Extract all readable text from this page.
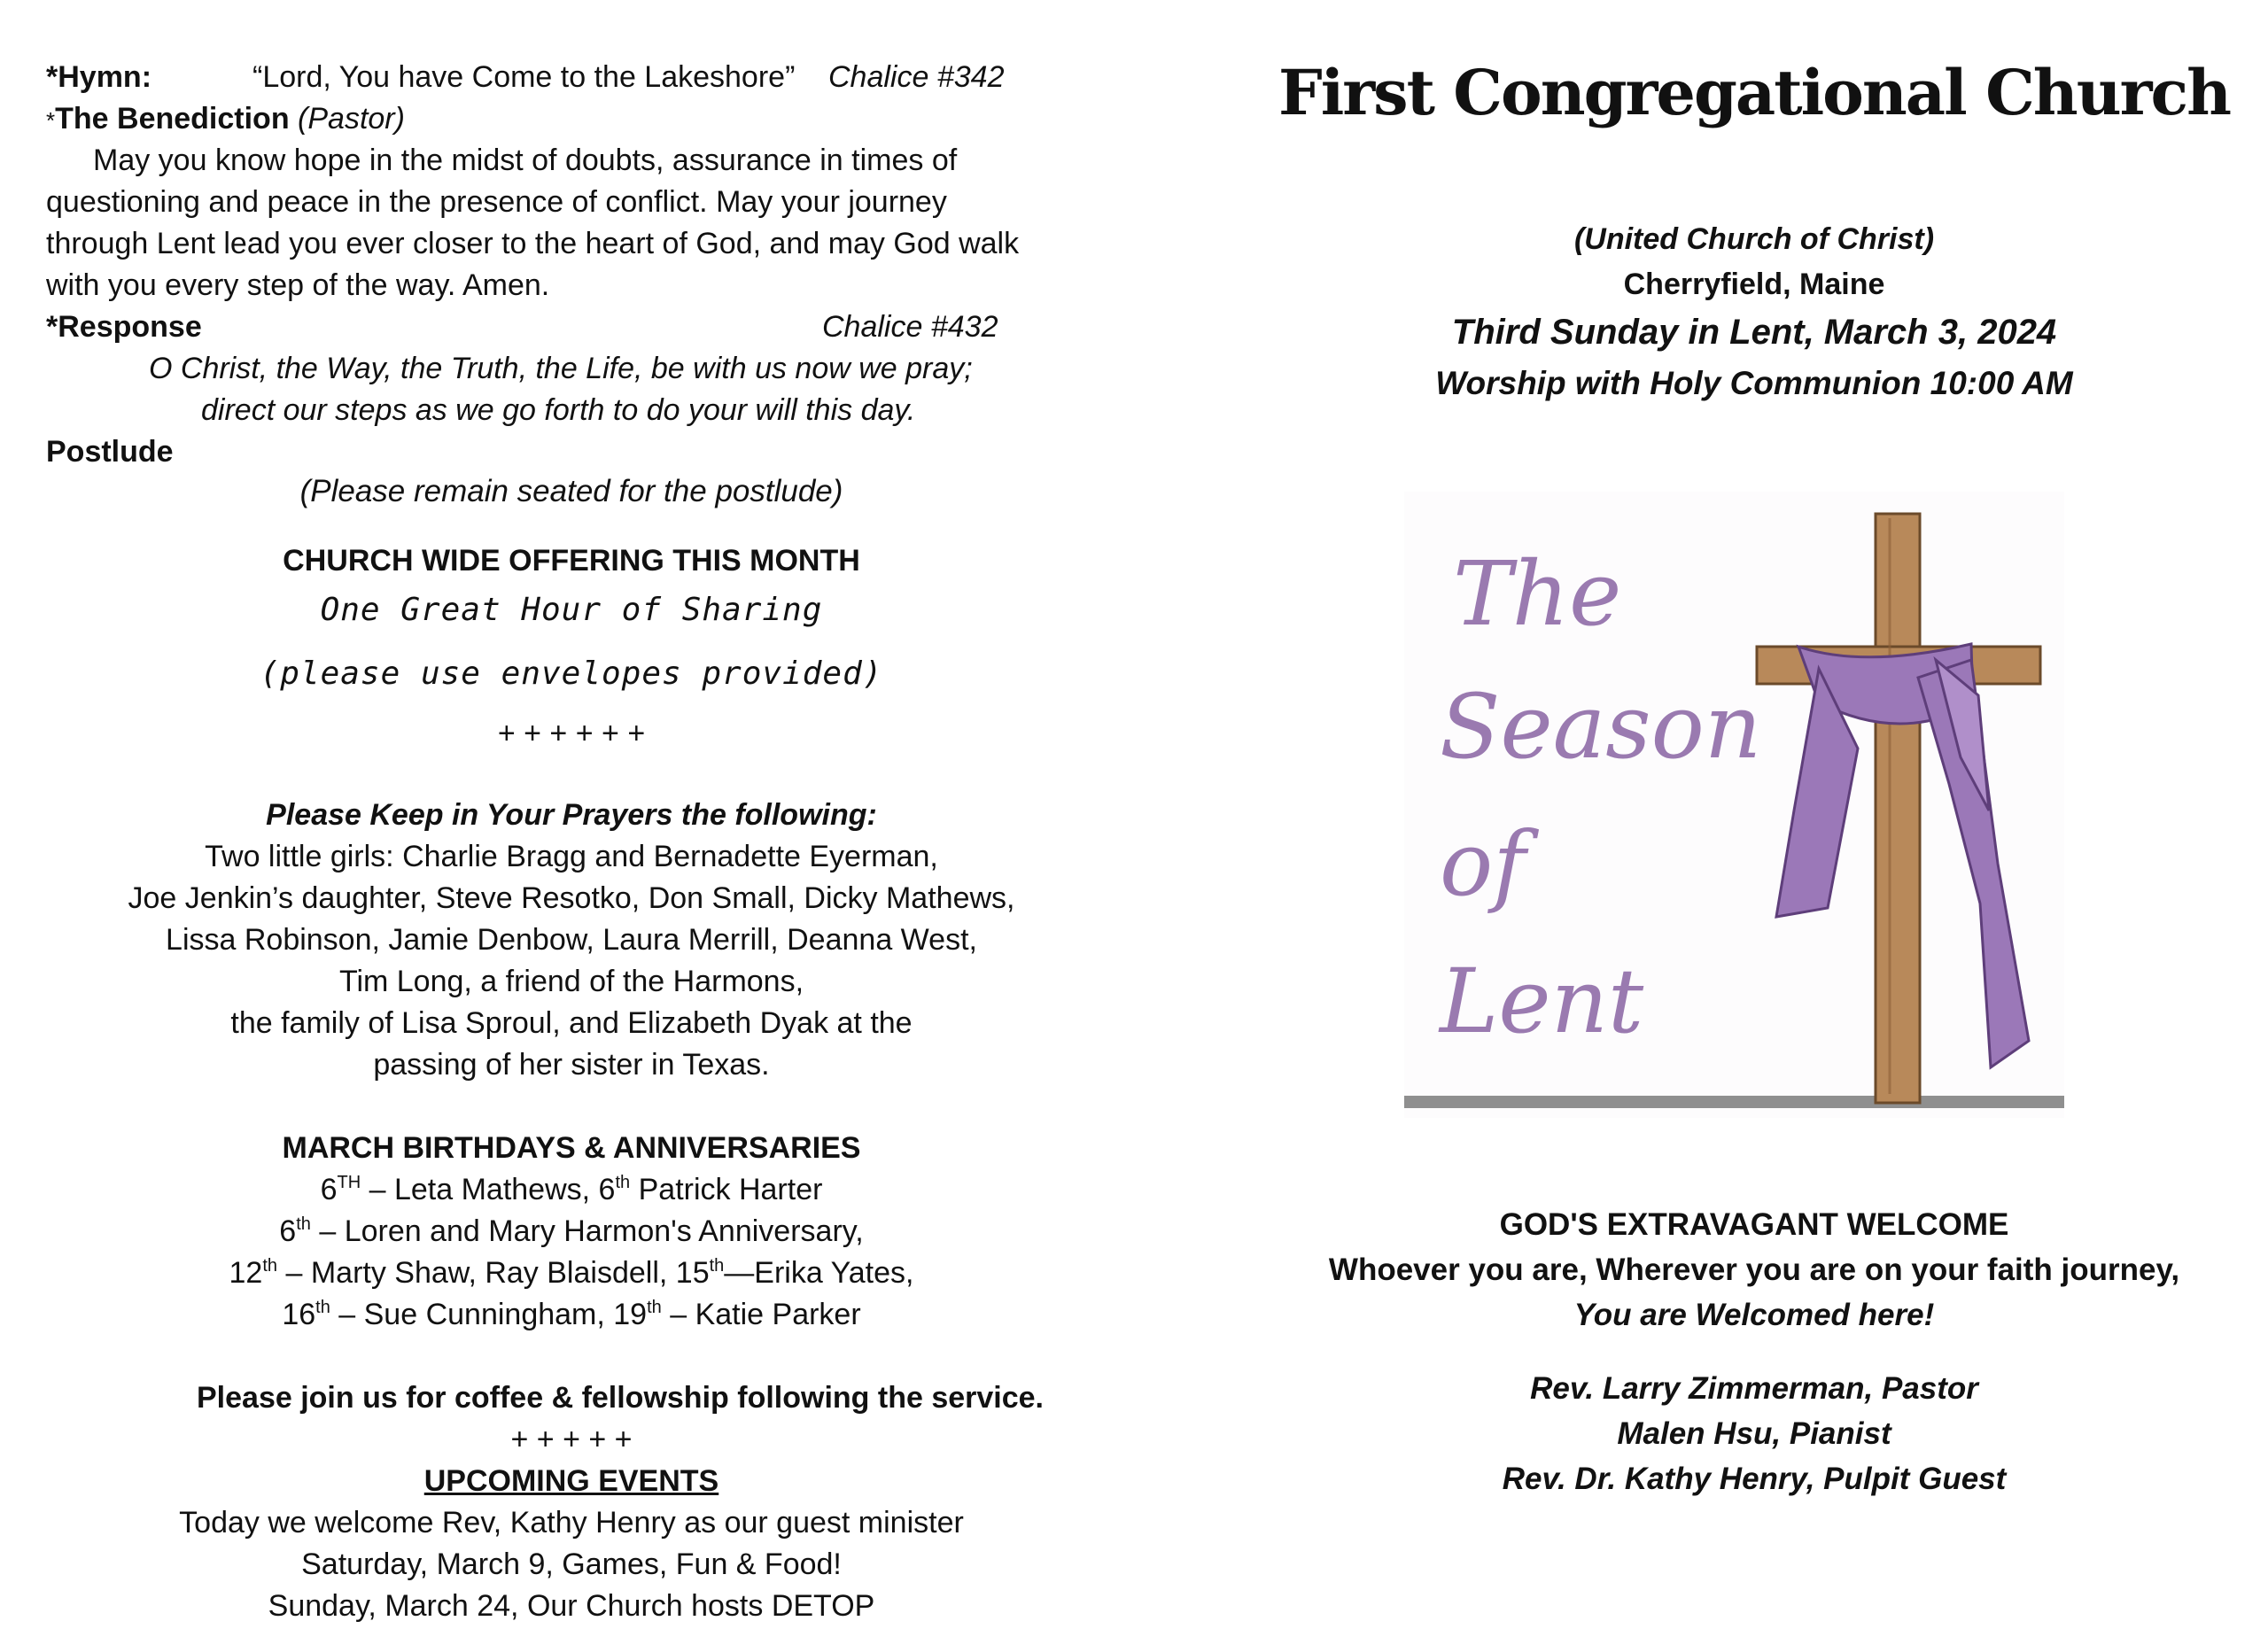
*Hymn:	“Lord, You have Come to the Lakeshore” Chalice #342
*The Benediction (Pastor)
May you know hope in the midst of doubts, assurance in times of
questioning and peace in the presence of conflict. May your journey
through Lent lead you ever closer to the heart of God, and may God walk
with you every step of the way. Amen.
*Response	Chalice #432
O Christ, the Way, the Truth, the Life, be with us now we pray;
direct our steps as we go forth to do your will this day.
Postlude
(Please remain seated for the postlude)
CHURCH WIDE OFFERING THIS MONTH
One Great Hour of Sharing
(please use envelopes provided)
+ + + + + +
Please Keep in Your Prayers the following:
Two little girls: Charlie Bragg and Bernadette Eyerman,
Joe Jenkin’s daughter, Steve Resotko, Don Small, Dicky Mathews,
Lissa Robinson, Jamie Denbow, Laura Merrill, Deanna West,
Tim Long, a friend of the Harmons,
the family of Lisa Sproul, and Elizabeth Dyak at the
passing of her sister in Texas.
MARCH BIRTHDAYS & ANNIVERSARIES
6TH – Leta Mathews, 6th Patrick Harter
6th – Loren and Mary Harmon's Anniversary,
12th – Marty Shaw, Ray Blaisdell, 15th—Erika Yates,
16th – Sue Cunningham, 19th – Katie Parker
Please join us for coffee & fellowship following the service.
+ + + + +
UPCOMING EVENTS
Today we welcome Rev, Kathy Henry as our guest minister
Saturday, March 9, Games, Fun & Food!
Sunday, March 24, Our Church hosts DETOP
First Congregational Church
(United Church of Christ)
Cherryfield, Maine
Third Sunday in Lent, March 3, 2024
Worship with Holy Communion 10:00 AM
The
Season
of
Lent
GOD'S EXTRAVAGANT WELCOME
Whoever you are, Wherever you are on your faith journey,
You are Welcomed here!
Rev. Larry Zimmerman, Pastor
Malen Hsu, Pianist
Rev. Dr. Kathy Henry, Pulpit Guest
